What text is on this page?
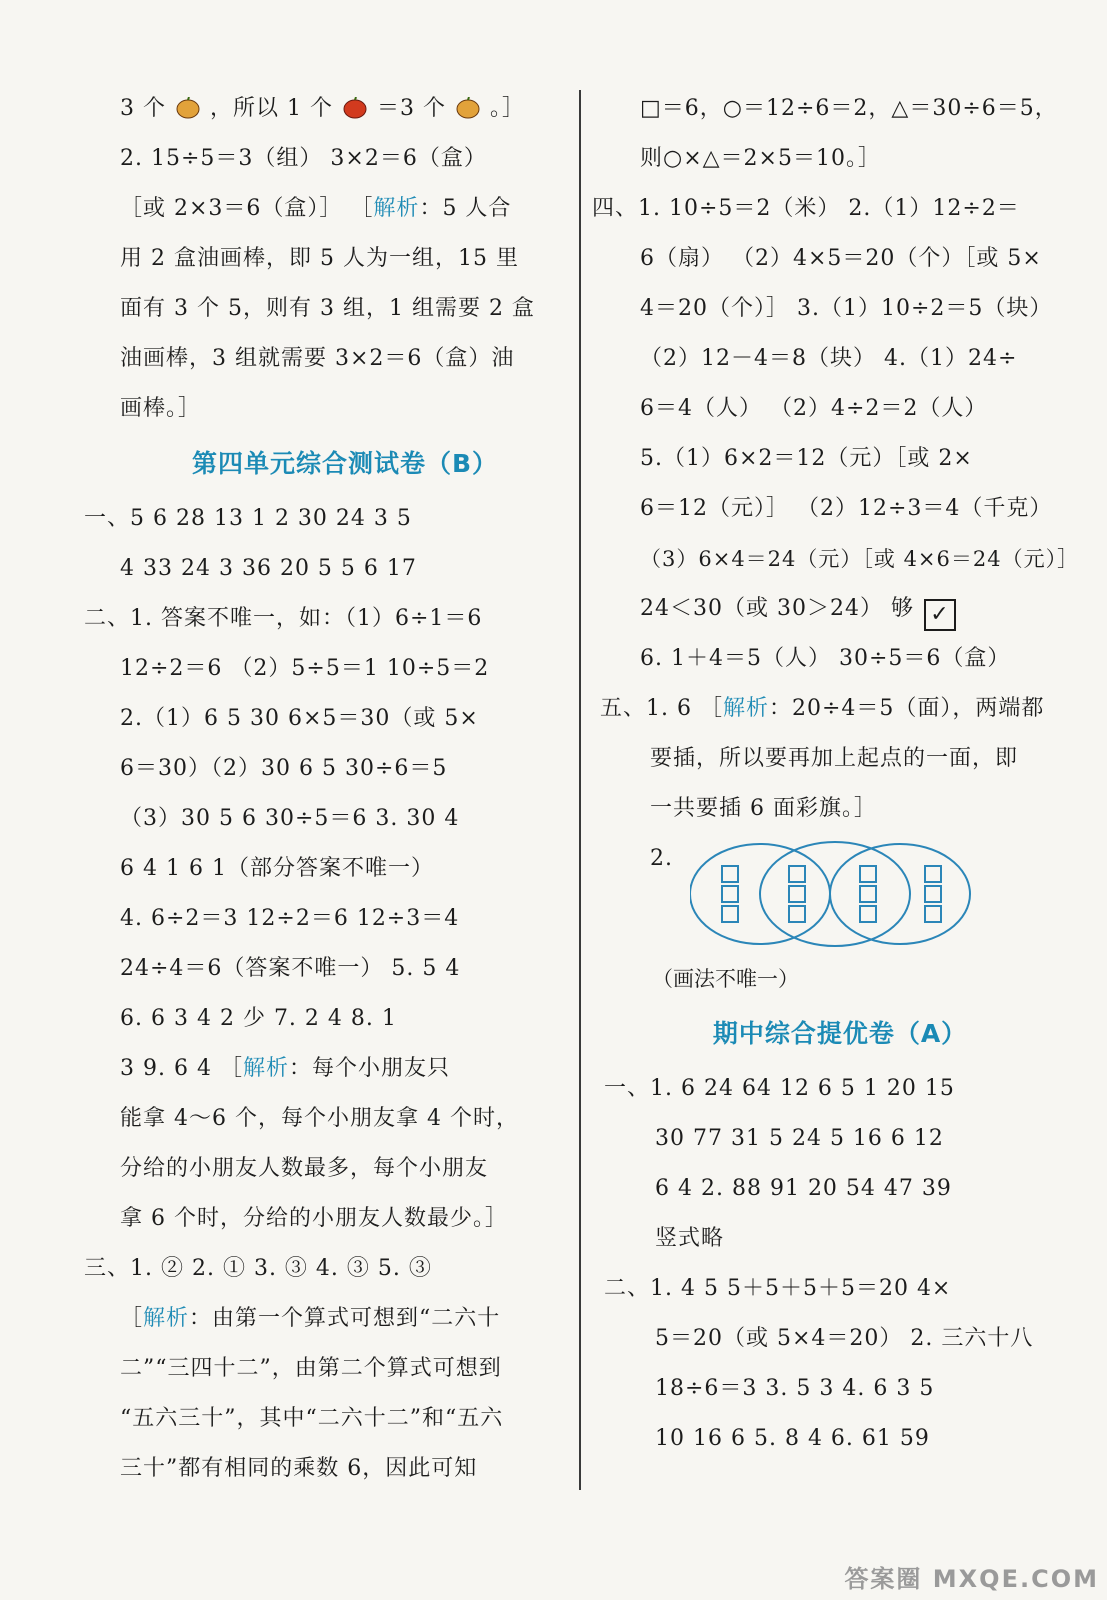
3 个 ，所以 1 个 ＝3 个 。］
2. 15÷5＝3（组） 3×2＝6（盒）
［或 2×3＝6（盒）］ ［解析：5 人合
用 2 盒油画棒，即 5 人为一组，15 里
面有 3 个 5，则有 3 组，1 组需要 2 盒
油画棒，3 组就需要 3×2＝6（盒）油
画棒。］
第四单元综合测试卷（B）
一、5 6 28 13 1 2 30 24 3 5
4 33 24 3 36 20 5 5 6 17
二、1. 答案不唯一，如：（1）6÷1＝6
12÷2＝6 （2）5÷5＝1 10÷5＝2
2.（1）6 5 30 6×5＝30（或 5×
6＝30）（2）30 6 5 30÷6＝5
（3）30 5 6 30÷5＝6 3. 30 4
6 4 1 6 1（部分答案不唯一）
4. 6÷2＝3 12÷2＝6 12÷3＝4
24÷4＝6（答案不唯一） 5. 5 4
6. 6 3 4 2 少 7. 2 4 8. 1
3 9. 6 4 ［解析：每个小朋友只
能拿 4～6 个，每个小朋友拿 4 个时，
分给的小朋友人数最多，每个小朋友
拿 6 个时，分给的小朋友人数最少。］
三、1. ② 2. ① 3. ③ 4. ③ 5. ③
［解析：由第一个算式可想到“二六十
二”“三四十二”，由第二个算式可想到
“五六三十”，其中“二六十二”和“五六
三十”都有相同的乘数 6，因此可知
□＝6，○＝12÷6＝2，△＝30÷6＝5，
则○×△＝2×5＝10。］
四、1. 10÷5＝2（米） 2.（1）12÷2＝
6（扇） （2）4×5＝20（个）［或 5×
4＝20（个）］ 3.（1）10÷2＝5（块）
（2）12－4＝8（块） 4.（1）24÷
6＝4（人） （2）4÷2＝2（人）
5.（1）6×2＝12（元）［或 2×
6＝12（元）］ （2）12÷3＝4（千克）
（3）6×4＝24（元）［或 4×6＝24（元）］
24＜30（或 30＞24） 够 ✓
6. 1＋4＝5（人） 30÷5＝6（盒）
五、1. 6 ［解析：20÷4＝5（面），两端都
要插，所以要再加上起点的一面，即
一共要插 6 面彩旗。］
2.
（画法不唯一）
期中综合提优卷（A）
一、1. 6 24 64 12 6 5 1 20 15
30 77 31 5 24 5 16 6 12
6 4 2. 88 91 20 54 47 39
竖式略
二、1. 4 5 5＋5＋5＋5＝20 4×
5＝20（或 5×4＝20） 2. 三六十八
18÷6＝3 3. 5 3 4. 6 3 5
10 16 6 5. 8 4 6. 61 59
答案圈 MXQE.COM
